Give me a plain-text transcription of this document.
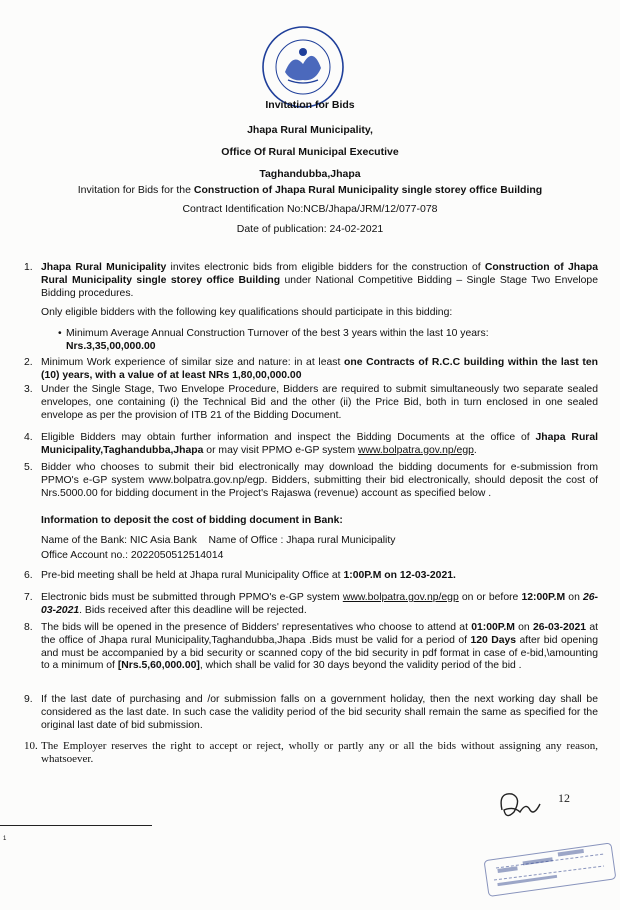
Invitation for Bids
Jhapa Rural Municipality,
Office Of Rural Municipal Executive
Taghandubba,Jhapa
Invitation for Bids for the Construction of Jhapa Rural Municipality single storey office Building
Contract Identification No:NCB/Jhapa/JRM/12/077-078
Date of publication: 24-02-2021
1. Jhapa Rural Municipality invites electronic bids from eligible bidders for the construction of Construction of Jhapa Rural Municipality single storey office Building under National Competitive Bidding – Single Stage Two Envelope Bidding procedures.
Only eligible bidders with the following key qualifications should participate in this bidding:
• Minimum Average Annual Construction Turnover of the best 3 years within the last 10 years:
Nrs.3,35,00,000.00
2. Minimum Work experience of similar size and nature: in at least one Contracts of R.C.C building within the last ten (10) years, with a value of at least NRs 1,80,00,000.00
3. Under the Single Stage, Two Envelope Procedure, Bidders are required to submit simultaneously two separate sealed envelopes, one containing (i) the Technical Bid and the other (ii) the Price Bid, both in turn enclosed in one sealed envelope as per the provision of ITB 21 of the Bidding Document.
4. Eligible Bidders may obtain further information and inspect the Bidding Documents at the office of Jhapa Rural Municipality,Taghandubba,Jhapa or may visit PPMO e-GP system www.bolpatra.gov.np/egp.
5. Bidder who chooses to submit their bid electronically may download the bidding documents for e-submission from PPMO's e-GP system www.bolpatra.gov.np/egp. Bidders, submitting their bid electronically, should deposit the cost of Nrs.5000.00 for bidding document in the Project's Rajaswa (revenue) account as specified below .
Information to deposit the cost of bidding document in Bank:
Name of the Bank: NIC Asia Bank Name of Office : Jhapa rural Municipality
Office Account no.: 2022050512514014
6. Pre-bid meeting shall be held at Jhapa rural Municipality Office at 1:00P.M on 12-03-2021.
7. Electronic bids must be submitted through PPMO's e-GP system www.bolpatra.gov.np/egp on or before 12:00P.M on 26-03-2021. Bids received after this deadline will be rejected.
8. The bids will be opened in the presence of Bidders' representatives who choose to attend at 01:00P.M on 26-03-2021 at the office of Jhapa rural Municipality,Taghandubba,Jhapa .Bids must be valid for a period of 120 Days after bid opening and must be accompanied by a bid security or scanned copy of the bid security in pdf format in case of e-bid,\amounting to a minimum of [Nrs.5,60,000.00], which shall be valid for 30 days beyond the validity period of the bid .
9. If the last date of purchasing and /or submission falls on a government holiday, then the next working day shall be considered as the last date. In such case the validity period of the bid security shall remain the same as specified for the original last date of bid submission.
10. The Employer reserves the right to accept or reject, wholly or partly any or all the bids without assigning any reason, whatsoever.
12
1
